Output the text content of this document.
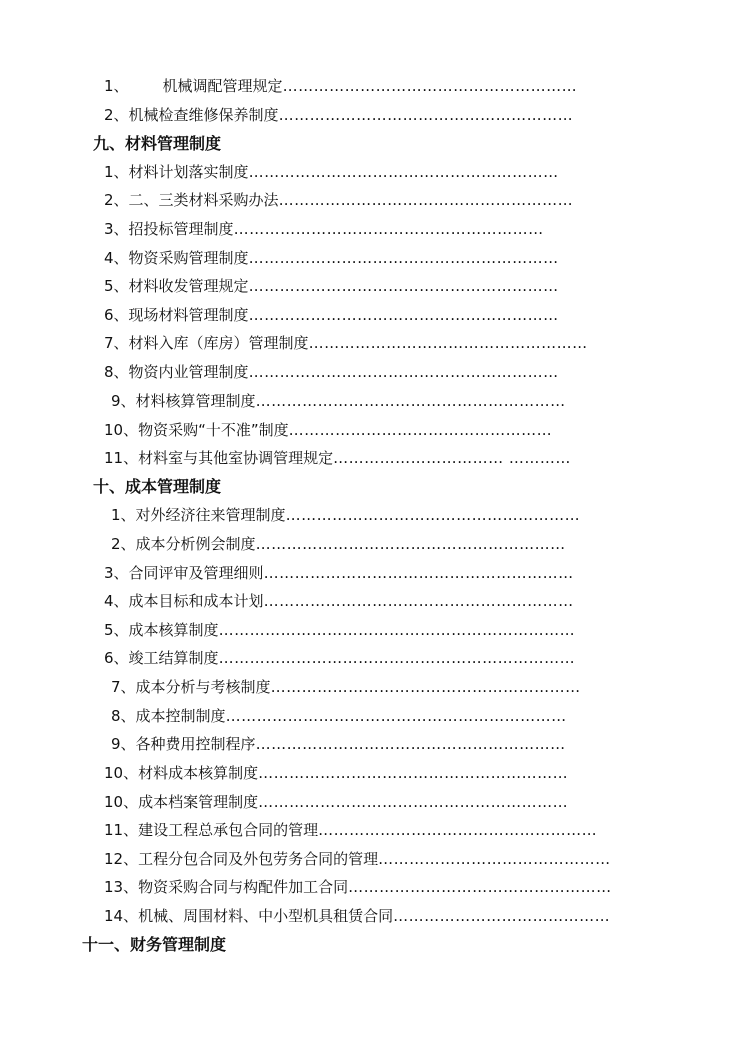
1、 机械调配管理规定…………………………………………………
2、机械检查维修保养制度…………………………………………………
九、材料管理制度
1、材料计划落实制度……………………………………………………
2、二、三类材料采购办法…………………………………………………
3、招投标管理制度……………………………………………………
4、物资采购管理制度……………………………………………………
5、材料收发管理规定……………………………………………………
6、现场材料管理制度……………………………………………………
7、材料入库（库房）管理制度………………………………………………
8、物资内业管理制度……………………………………………………
9、材料核算管理制度……………………………………………………
10、物资采购“十不准”制度……………………………………………
11、材料室与其他室协调管理规定…………………………… …………
十、成本管理制度
1、对外经济往来管理制度…………………………………………………
2、成本分析例会制度……………………………………………………
3、合同评审及管理细则……………………………………………………
4、成本目标和成本计划……………………………………………………
5、成本核算制度……………………………………………………………
6、竣工结算制度……………………………………………………………
7、成本分析与考核制度……………………………………………………
8、成本控制制度…………………………………………………………
9、各种费用控制程序……………………………………………………
10、材料成本核算制度……………………………………………………
10、成本档案管理制度……………………………………………………
11、建设工程总承包合同的管理………………………………………………
12、工程分包合同及外包劳务合同的管理………………………………………
13、物资采购合同与构配件加工合同……………………………………………
14、机械、周围材料、中小型机具租赁合同……………………………………
十一、财务管理制度
